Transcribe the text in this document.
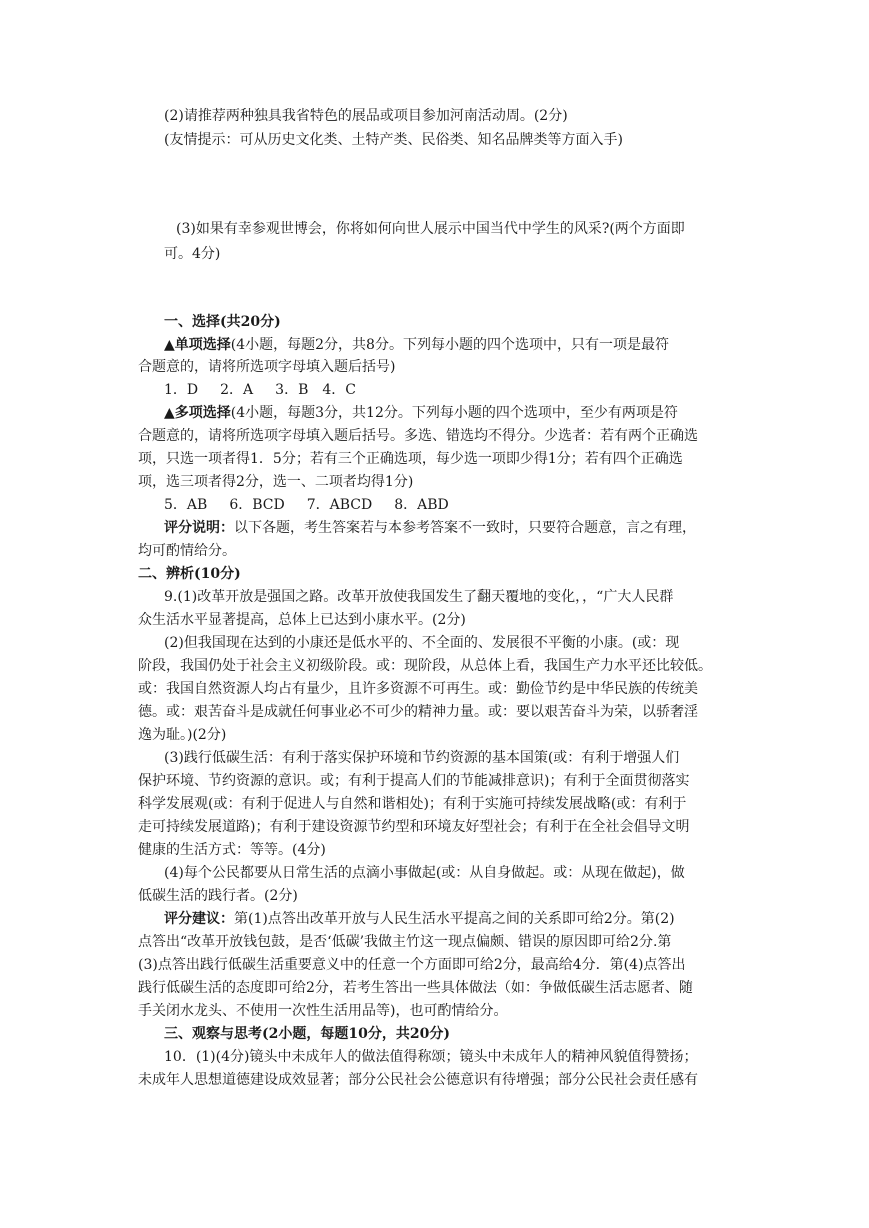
(2)请推荐两种独具我省特色的展品或项目参加河南活动周。(2分)
(友情提示：可从历史文化类、土特产类、民俗类、知名品牌类等方面入手)
(3)如果有幸参观世博会，你将如何向世人展示中国当代中学生的风采?(两个方面即
可。4分)
一、选择(共20分)
▲单项选择(4小题，每题2分，共8分。下列每小题的四个选项中，只有一项是最符
合题意的，请将所选项字母填入题后括号)
1．D 2．A 3．B 4．C
▲多项选择(4小题，每题3分，共12分。下列每小题的四个选项中，至少有两项是符
合题意的，请将所选项字母填入题后括号。多选、错选均不得分。少选者：若有两个正确选
项，只选一项者得1．5分；若有三个正确选项，每少选一项即少得1分；若有四个正确选
项，选三项者得2分，选一、二项者均得1分)
5．AB 6．BCD 7．ABCD 8．ABD
评分说明：以下各题，考生答案若与本参考答案不一致时，只要符合题意，言之有理，
均可酌情给分。
二、辨析(10分)
9.(1)改革开放是强国之路。改革开放使我国发生了翻天覆地的变化，，“广大人民群
众生活水平显著提高，总体上已达到小康水平。(2分)
(2)但我国现在达到的小康还是低水平的、不全面的、发展很不平衡的小康。(或：现
阶段，我国仍处于社会主义初级阶段。或：现阶段，从总体上看，我国生产力水平还比较低。
或：我国自然资源人均占有量少，且许多资源不可再生。或：勤俭节约是中华民族的传统美
德。或：艰苦奋斗是成就任何事业必不可少的精神力量。或：要以艰苦奋斗为荣，以骄奢淫
逸为耻。)(2分)
(3)践行低碳生活：有利于落实保护环境和节约资源的基本国策(或：有利于增强人们
保护环境、节约资源的意识。或；有利于提高人们的节能减排意识)；有利于全面贯彻落实
科学发展观(或：有利于促进人与自然和谐相处)；有利于实施可持续发展战略(或：有利于
走可持续发展道路)；有利于建设资源节约型和环境友好型社会；有利于在全社会倡导文明
健康的生活方式：等等。(4分)
(4)每个公民都要从日常生活的点滴小事做起(或：从自身做起。或：从现在做起)，做
低碳生活的践行者。(2分)
评分建议：第(1)点答出改革开放与人民生活水平提高之间的关系即可给2分。第(2)
点答出“改革开放钱包鼓，是否‘低碳’我做主竹这一现点偏颇、错误的原因即可给2分.第
(3)点答出践行低碳生活重要意义中的任意一个方面即可给2分，最高给4分．第(4)点答出
践行低碳生活的态度即可给2分，若考生答出一些具体做法（如：争做低碳生活志愿者、随
手关闭水龙头、不使用一次性生活用品等)，也可酌情给分。
三、观察与思考(2小题，每题10分，共20分)
10．(1)(4分)镜头中未成年人的做法值得称颂；镜头中未成年人的精神风貌值得赞扬；
未成年人思想道德建设成效显著；部分公民社会公德意识有待增强；部分公民社会责任感有
